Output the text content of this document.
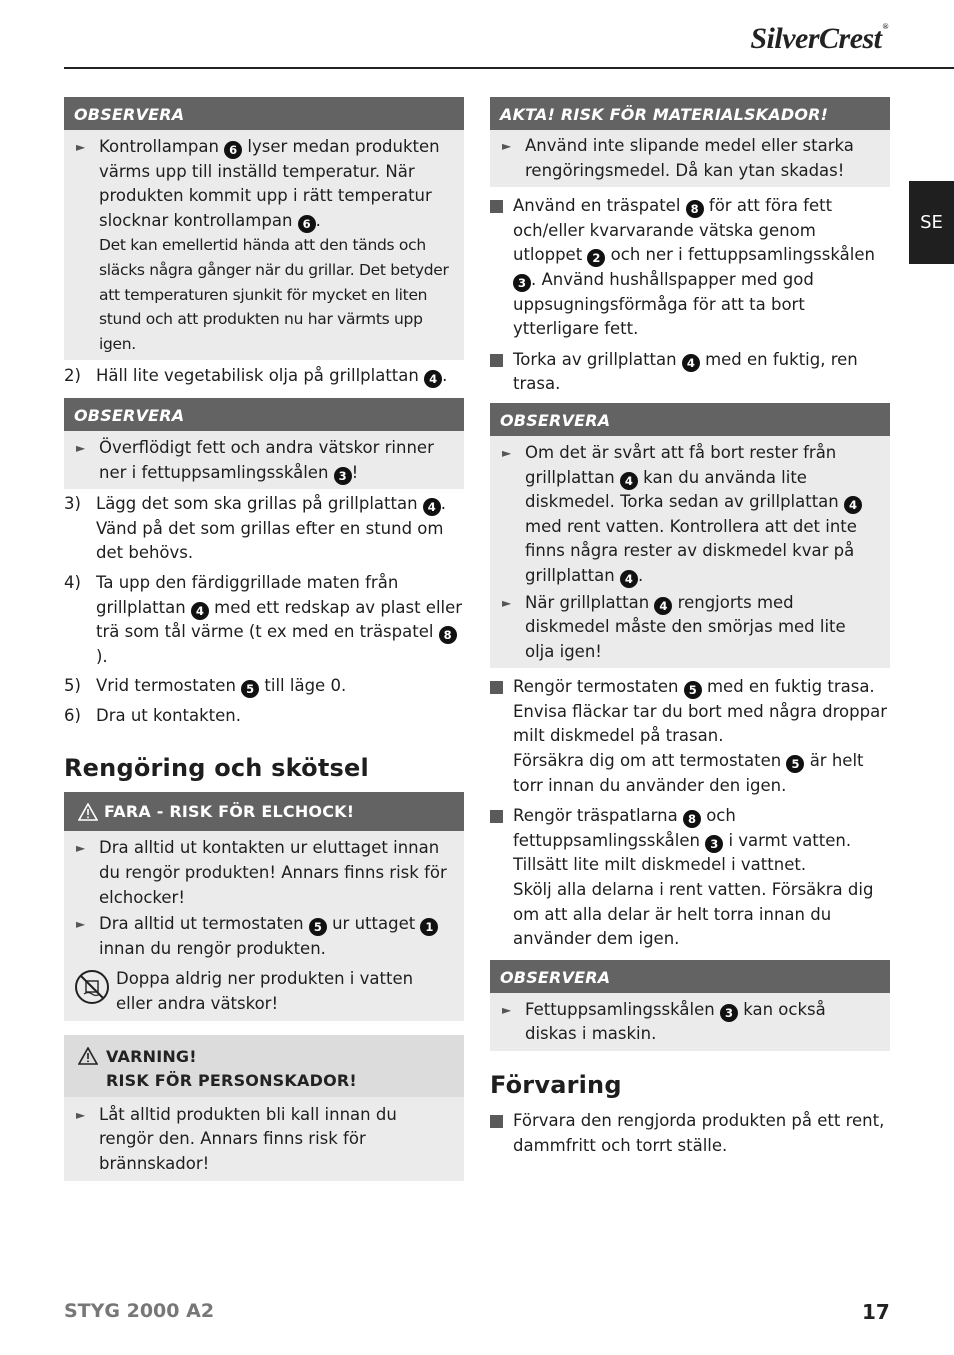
SilverCrest®
SE
OBSERVERA
► Kontrollampan 6 lyser medan produkten värms upp till inställd temperatur. När produkten kommit upp i rätt temperatur slocknar kontrollampan 6 .
Det kan emellertid hända att den tänds och släcks några gånger när du grillar. Det betyder att temperaturen sjunkit för mycket en liten stund och att produkten nu har värmts upp igen.
2) Häll lite vegetabilisk olja på grillplattan 4 .
OBSERVERA
► Överflödigt fett och andra vätskor rinner ner i fettuppsamlingsskålen 3 !
3) Lägg det som ska grillas på grillplattan 4 . Vänd på det som grillas efter en stund om det behövs.
4) Ta upp den färdiggrillade maten från grillplattan 4 med ett redskap av plast eller trä som tål värme (t ex med en träspatel 8).
5) Vrid termostaten 5 till läge 0.
6) Dra ut kontakten.
Rengöring och skötsel
FARA - RISK FÖR ELCHOCK!
► Dra alltid ut kontakten ur eluttaget innan du rengör produkten! Annars finns risk för elchocker!
► Dra alltid ut termostaten 5 ur uttaget 1 innan du rengör produkten.
Doppa aldrig ner produkten i vatten eller andra vätskor!
VARNING!
RISK FÖR PERSONSKADOR!
► Låt alltid produkten bli kall innan du rengör den. Annars finns risk för brännskador!
AKTA! RISK FÖR MATERIALSKADOR!
► Använd inte slipande medel eller starka rengöringsmedel. Då kan ytan skadas!
Använd en träspatel 8 för att föra fett och/eller kvarvarande vätska genom utloppet 2 och ner i fettuppsamlingsskålen 3 . Använd hushållspapper med god uppsugningsförmåga för att ta bort ytterligare fett.
Torka av grillplattan 4 med en fuktig, ren trasa.
OBSERVERA
► Om det är svårt att få bort rester från grillplattan 4 kan du använda lite diskmedel. Torka sedan av grillplattan 4 med rent vatten. Kontrollera att det inte finns några rester av diskmedel kvar på grillplattan 4 .
► När grillplattan 4 rengjorts med diskmedel måste den smörjas med lite olja igen!
Rengör termostaten 5 med en fuktig trasa. Envisa fläckar tar du bort med några droppar milt diskmedel på trasan.
Försäkra dig om att termostaten 5 är helt torr innan du använder den igen.
Rengör träspatlarna 8 och fettuppsamlingsskålen 3 i varmt vatten. Tillsätt lite milt diskmedel i vattnet.
Skölj alla delarna i rent vatten. Försäkra dig om att alla delar är helt torra innan du använder dem igen.
OBSERVERA
► Fettuppsamlingsskålen 3 kan också diskas i maskin.
Förvaring
Förvara den rengjorda produkten på ett rent, dammfritt och torrt ställe.
STYG 2000 A2	17
